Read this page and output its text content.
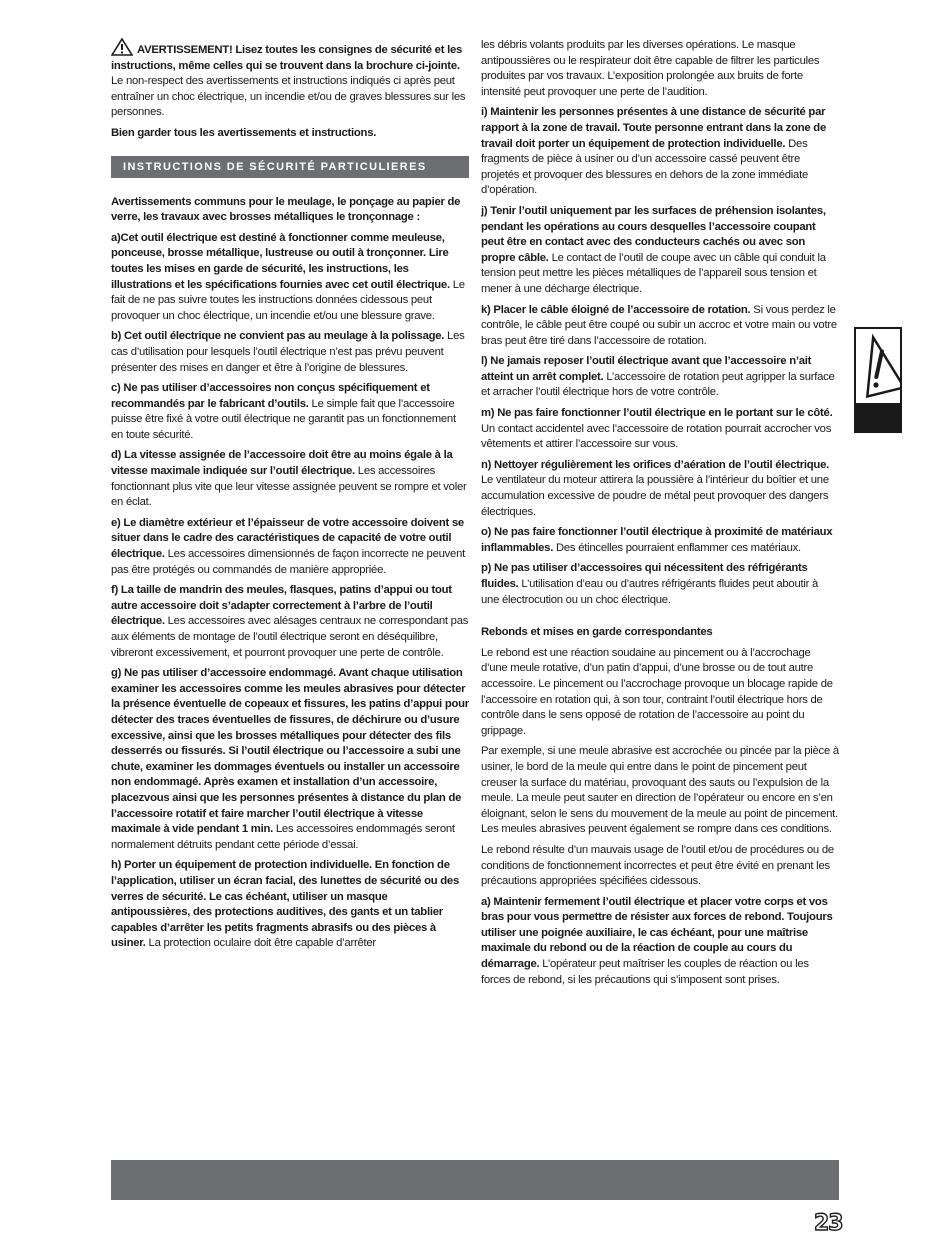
AVERTISSEMENT! Lisez toutes les consignes de sécurité et les instructions, même celles qui se trouvent dans la brochure ci-jointe. Le non-respect des avertissements et instructions indiqués ci après peut entraîner un choc électrique, un incendie et/ou de graves blessures sur les personnes.

Bien garder tous les avertissements et instructions.

INSTRUCTIONS DE SÉCURITÉ PARTICULIERES

Avertissements communs pour le meulage, le ponçage au papier de verre, les travaux avec brosses métalliques le tronçonnage :

a)Cet outil électrique est destiné à fonctionner comme meuleuse, ponceuse, brosse métallique, lustreuse ou outil à tronçonner. Lire toutes les mises en garde de sécurité, les instructions, les illustrations et les spécifications fournies avec cet outil électrique. Le fait de ne pas suivre toutes les instructions données cidessous peut provoquer un choc électrique, un incendie et/ou une blessure grave.

b) Cet outil électrique ne convient pas au meulage à la polissage. Les cas d’utilisation pour lesquels l’outil électrique n’est pas prévu peuvent présenter des mises en danger et être à l’origine de blessures.

c) Ne pas utiliser d’accessoires non conçus spécifiquement et recommandés par le fabricant d’outils. Le simple fait que l’accessoire puisse être fixé à votre outil électrique ne garantit pas un fonctionnement en toute sécurité.

d) La vitesse assignée de l’accessoire doit être au moins égale à la vitesse maximale indiquée sur l’outil électrique. Les accessoires fonctionnant plus vite que leur vitesse assignée peuvent se rompre et voler en éclat.

e) Le diamètre extérieur et l’épaisseur de votre accessoire doivent se situer dans le cadre des caractéristiques de capacité de votre outil électrique. Les accessoires dimensionnés de façon incorrecte ne peuvent pas être protégés ou commandés de manière appropriée.

f) La taille de mandrin des meules, flasques, patins d’appui ou tout autre accessoire doit s’adapter correctement à l’arbre de l’outil électrique. Les accessoires avec alésages centraux ne correspondant pas aux éléments de montage de l’outil électrique seront en déséquilibre, vibreront excessivement, et pourront provoquer une perte de contrôle.

g) Ne pas utiliser d’accessoire endommagé. Avant chaque utilisation examiner les accessoires comme les meules abrasives pour détecter la présence éventuelle de copeaux et fissures, les patins d’appui pour détecter des traces éventuelles de fissures, de déchirure ou d’usure excessive, ainsi que les brosses métalliques pour détecter des fils desserrés ou fissurés. Si l’outil électrique ou l’accessoire a subi une chute, examiner les dommages éventuels ou installer un accessoire non endommagé. Après examen et installation d’un accessoire, placezvous ainsi que les personnes présentes à distance du plan de l’accessoire rotatif et faire marcher l’outil électrique à vitesse maximale à vide pendant 1 min. Les accessoires endommagés seront normalement détruits pendant cette période d’essai.

h) Porter un équipement de protection individuelle. En fonction de l’application, utiliser un écran facial, des lunettes de sécurité ou des verres de sécurité. Le cas échéant, utiliser un masque antipoussières, des protections auditives, des gants et un tablier capables d’arrêter les petits fragments abrasifs ou des pièces à usiner. La protection oculaire doit être capable d’arrêter

les débris volants produits par les diverses opérations. Le masque antipoussières ou le respirateur doit être capable de filtrer les particules produites par vos travaux. L’exposition prolongée aux bruits de forte intensité peut provoquer une perte de l’audition.

i) Maintenir les personnes présentes à une distance de sécurité par rapport à la zone de travail. Toute personne entrant dans la zone de travail doit porter un équipement de protection individuelle. Des fragments de pièce à usiner ou d’un accessoire cassé peuvent être projetés et provoquer des blessures en dehors de la zone immédiate d’opération.

j) Tenir l’outil uniquement par les surfaces de préhension isolantes, pendant les opérations au cours desquelles l’accessoire coupant peut être en contact avec des conducteurs cachés ou avec son propre câble. Le contact de l’outil de coupe avec un câble qui conduit la tension peut mettre les pièces métalliques de l’appareil sous tension et mener à une décharge électrique.

k) Placer le câble éloigné de l’accessoire de rotation. Si vous perdez le contrôle, le câble peut être coupé ou subir un accroc et votre main ou votre bras peut être tiré dans l’accessoire de rotation.

l) Ne jamais reposer l’outil électrique avant que l’accessoire n’ait atteint un arrêt complet. L’accessoire de rotation peut agripper la surface et arracher l’outil électrique hors de votre contrôle.

m) Ne pas faire fonctionner l’outil électrique en le portant sur le côté. Un contact accidentel avec l’accessoire de rotation pourrait accrocher vos vêtements et attirer l’accessoire sur vous.

n) Nettoyer régulièrement les orifices d’aération de l’outil électrique. Le ventilateur du moteur attirera la poussière à l’intérieur du boîtier et une accumulation excessive de poudre de métal peut provoquer des dangers électriques.

o) Ne pas faire fonctionner l’outil électrique à proximité de matériaux inflammables. Des étincelles pourraient enflammer ces matériaux.

p) Ne pas utiliser d’accessoires qui nécessitent des réfrigérants fluides. L’utilisation d’eau ou d’autres réfrigérants fluides peut aboutir à une électrocution ou un choc électrique.

Rebonds et mises en garde correspondantes

Le rebond est une réaction soudaine au pincement ou à l’accrochage d’une meule rotative, d’un patin d’appui, d’une brosse ou de tout autre accessoire. Le pincement ou l’accrochage provoque un blocage rapide de l’accessoire en rotation qui, à son tour, contraint l’outil électrique hors de contrôle dans le sens opposé de rotation de l’accessoire au point du grippage.

Par exemple, si une meule abrasive est accrochée ou pincée par la pièce à usiner, le bord de la meule qui entre dans le point de pincement peut creuser la surface du matériau, provoquant des sauts ou l’expulsion de la meule. La meule peut sauter en direction de l’opérateur ou encore en s’en éloignant, selon le sens du mouvement de la meule au point de pincement. Les meules abrasives peuvent également se rompre dans ces conditions.

Le rebond résulte d’un mauvais usage de l’outil et/ou de procédures ou de conditions de fonctionnement incorrectes et peut être évité en prenant les précautions appropriées spécifiées cidessous.

a) Maintenir fermement l’outil électrique et placer votre corps et vos bras pour vous permettre de résister aux forces de rebond. Toujours utiliser une poignée auxiliaire, le cas échéant, pour une maîtrise maximale du rebond ou de la réaction de couple au cours du démarrage. L’opérateur peut maîtriser les couples de réaction ou les forces de rebond, si les précautions qui s’imposent sont prises.

23
